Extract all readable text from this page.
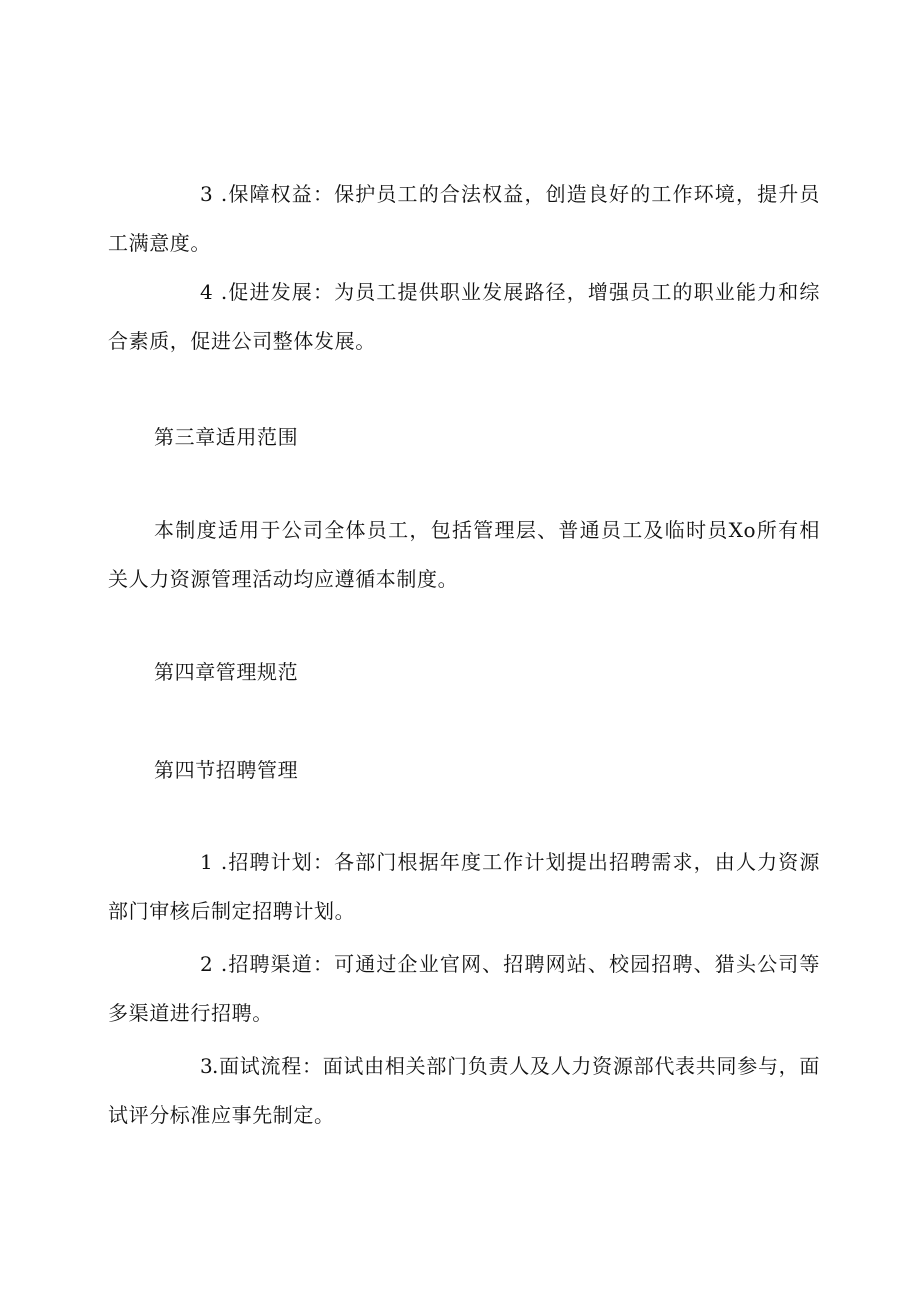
3 .保障权益：保护员工的合法权益，创造良好的工作环境，提升员工满意度。

4 .促进发展：为员工提供职业发展路径，增强员工的职业能力和综合素质，促进公司整体发展。

第三章适用范围

本制度适用于公司全体员工，包括管理层、普通员工及临时员Xo所有相关人力资源管理活动均应遵循本制度。

第四章管理规范

第四节招聘管理

1 .招聘计划：各部门根据年度工作计划提出招聘需求，由人力资源部门审核后制定招聘计划。

2 .招聘渠道：可通过企业官网、招聘网站、校园招聘、猎头公司等多渠道进行招聘。

3.面试流程：面试由相关部门负责人及人力资源部代表共同参与，面试评分标准应事先制定。
